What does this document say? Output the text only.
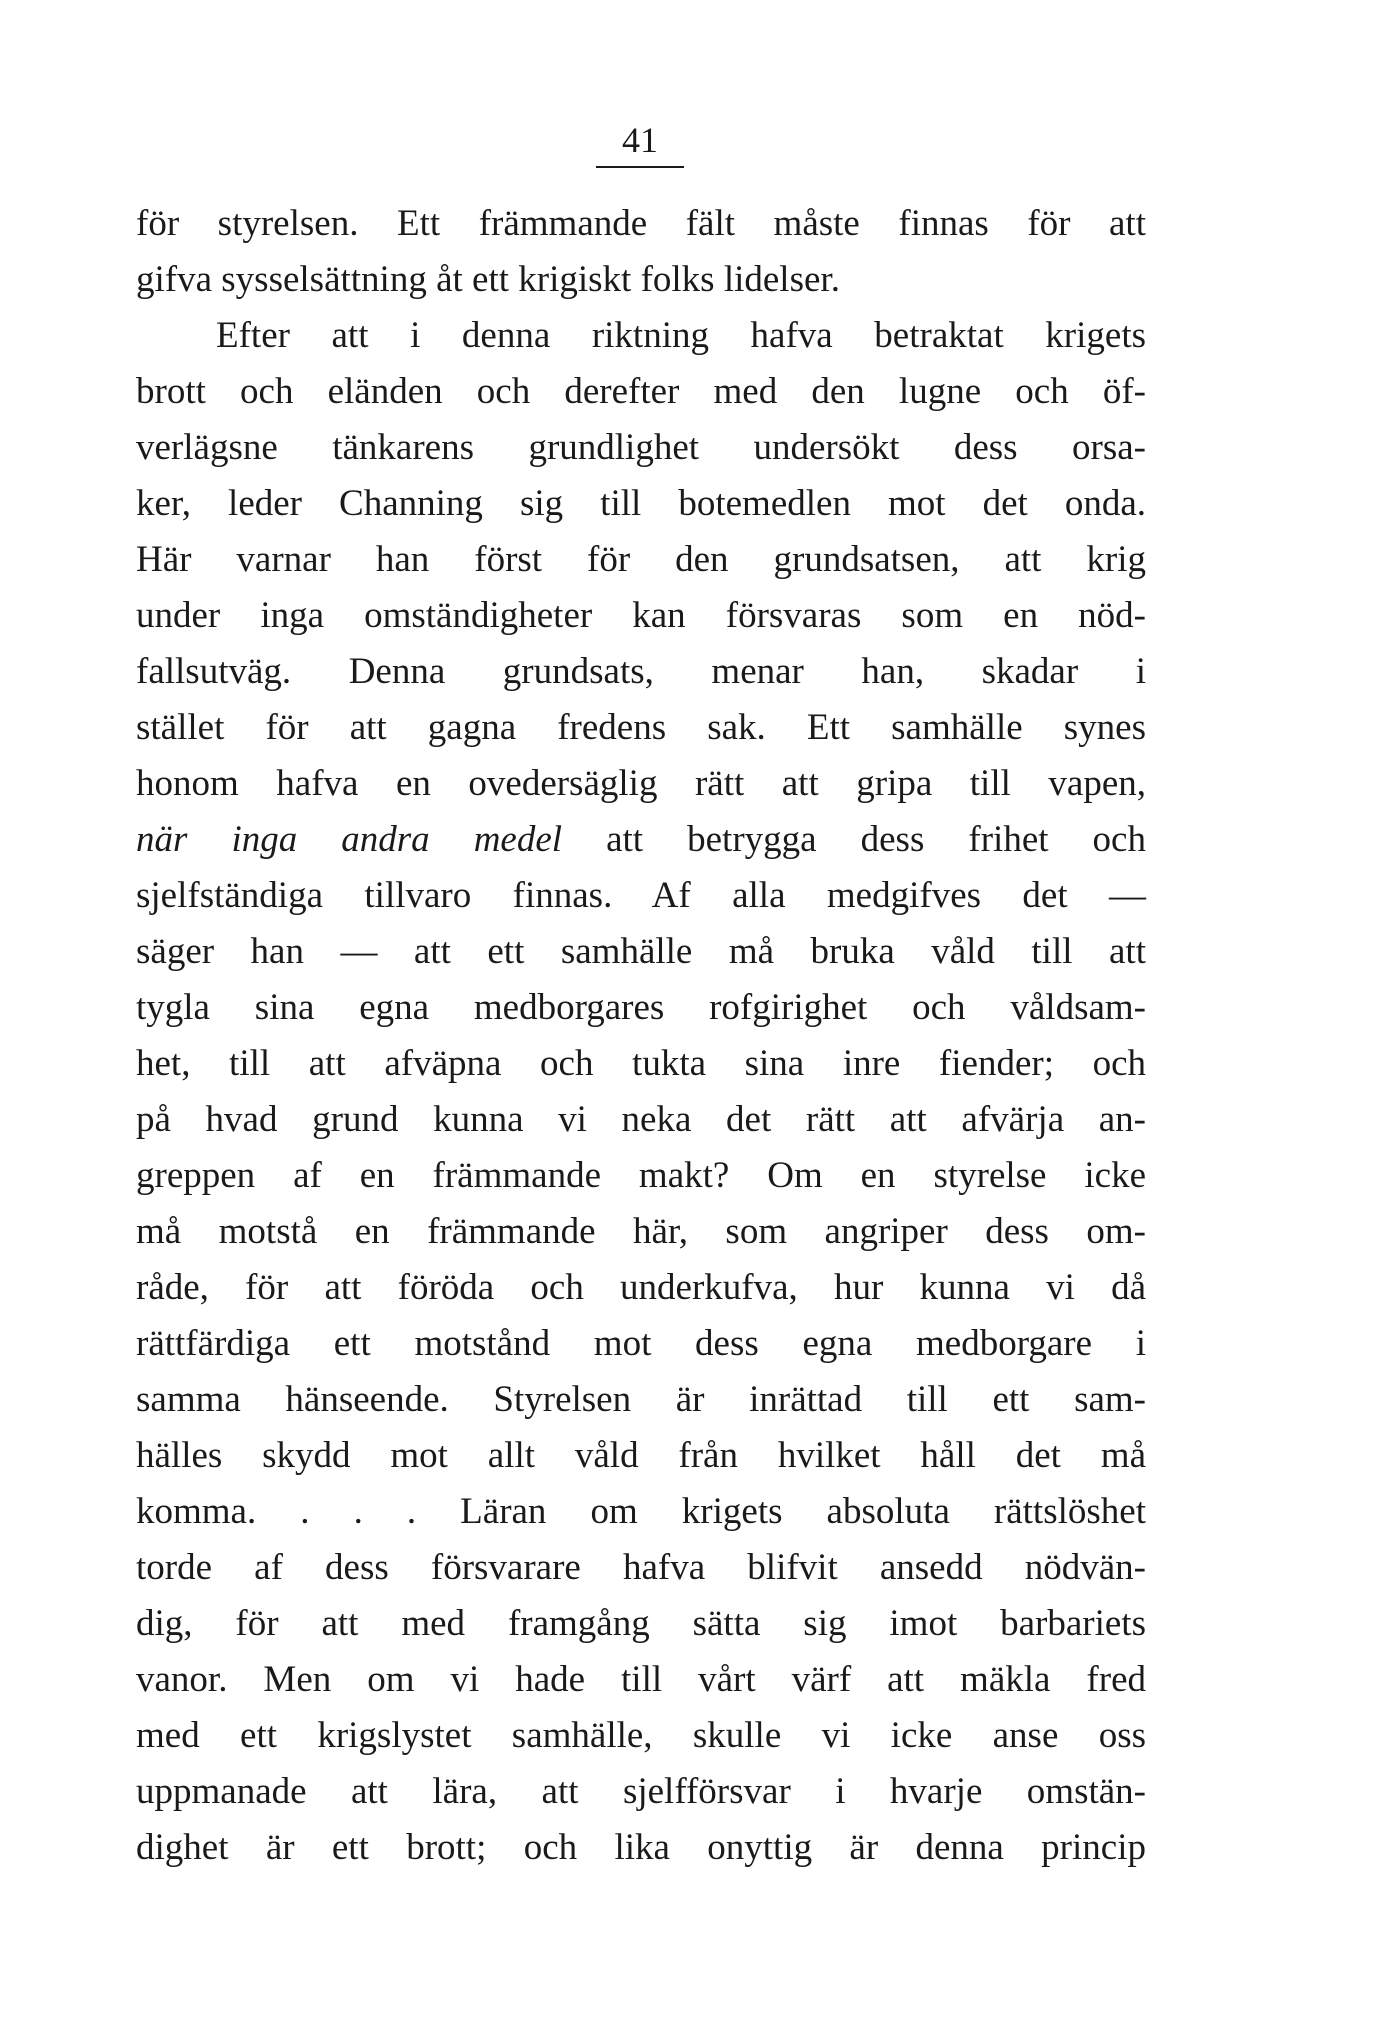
41
för styrelsen. Ett främmande fält måste finnas för att
gifva sysselsättning åt ett krigiskt folks lidelser.
Efter att i denna riktning hafva betraktat krigets
brott och eländen och derefter med den lugne och öf-
verlägsne tänkarens grundlighet undersökt dess orsa-
ker, leder Channing sig till botemedlen mot det onda.
Här varnar han först för den grundsatsen, att krig
under inga omständigheter kan försvaras som en nöd-
fallsutväg. Denna grundsats, menar han, skadar i
stället för att gagna fredens sak. Ett samhälle synes
honom hafva en ovedersäglig rätt att gripa till vapen,
när inga andra medel att betrygga dess frihet och
sjelfständiga tillvaro finnas. Af alla medgifves det —
säger han — att ett samhälle må bruka våld till att
tygla sina egna medborgares rofgirighet och våldsam-
het, till att afväpna och tukta sina inre fiender; och
på hvad grund kunna vi neka det rätt att afvärja an-
greppen af en främmande makt? Om en styrelse icke
må motstå en främmande här, som angriper dess om-
råde, för att föröda och underkufva, hur kunna vi då
rättfärdiga ett motstånd mot dess egna medborgare i
samma hänseende. Styrelsen är inrättad till ett sam-
hälles skydd mot allt våld från hvilket håll det må
komma. . . . Läran om krigets absoluta rättslöshet
torde af dess försvarare hafva blifvit ansedd nödvän-
dig, för att med framgång sätta sig imot barbariets
vanor. Men om vi hade till vårt värf att mäkla fred
med ett krigslystet samhälle, skulle vi icke anse oss
uppmanade att lära, att sjelfförsvar i hvarje omstän-
dighet är ett brott; och lika onyttig är denna princip
